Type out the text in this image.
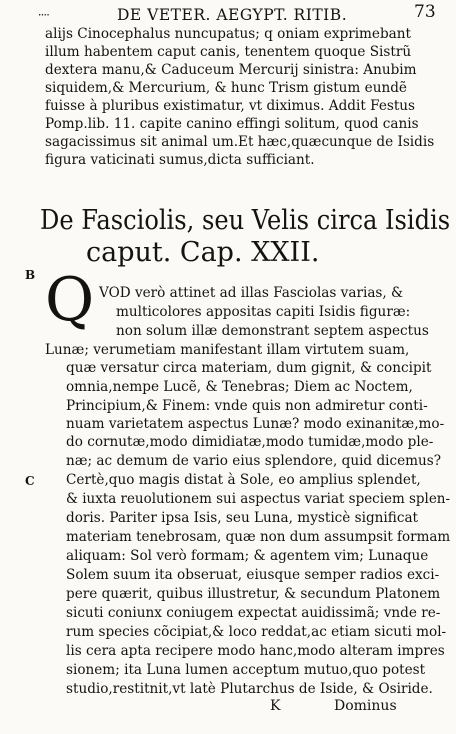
᠁	DE VETER. AEGYPT. RITIB.	73
alijs Cinocephalus nuncupatus; q oniam exprimebant
illum habentem caput canis, tenentem quoque Sistrũ
dextera manu,& Caduceum Mercurij sinistra: Anubim
siquidem,& Mercurium, & hunc Trism gistum eundẽ
fuisse à pluribus existimatur, vt diximus. Addit Festus
Pomp.lib. 11. capite canino effingi solitum, quod canis
sagacissimus sit animal um.Et hæc,quæcunque de Isidis
figura vaticinati sumus,dicta sufficiant.
De Fasciolis, seu Velis circa Isidis
caput. Cap. XXII.
B Q VOD verò attinet ad illas Fasciolas varias, &
multicolores appositas capiti Isidis figuræ:
non solum illæ demonstrant septem aspectus
Lunæ; verumetiam manifestant illam virtutem suam,
quæ versatur circa materiam, dum gignit, & concipit
omnia,nempe Lucẽ, & Tenebras; Diem ac Noctem,
Principium,& Finem: vnde quis non admiretur conti-
nuam varietatem aspectus Lunæ? modo exinanitæ,mo-
do cornutæ,modo dimidiatæ,modo tumidæ,modo ple-
næ; ac demum de vario eius splendore, quid dicemus?
Certè,quo magis distat à Sole, eo amplius splendet,
& iuxta reuolutionem sui aspectus variat speciem splen-
doris. Pariter ipsa Isis, seu Luna, mysticè significat
materiam tenebrosam, quæ non dum assumpsit formam
aliquam: Sol verò formam; & agentem vim; Lunaque
Solem suum ita obseruat, eiusque semper radios exci-
pere quærit, quibus illustretur, & secundum Platonem
sicuti coniunx coniugem expectat auidissimã; vnde re-
rum species cõcipiat,& loco reddat,ac etiam sicuti mol-
lis cera apta recipere modo hanc,modo alteram impres
sionem; ita Luna lumen acceptum mutuo,quo potest
studio,restitnit,vt latè Plutarchus de Iside, & Osiride.
C
K	Dominus
